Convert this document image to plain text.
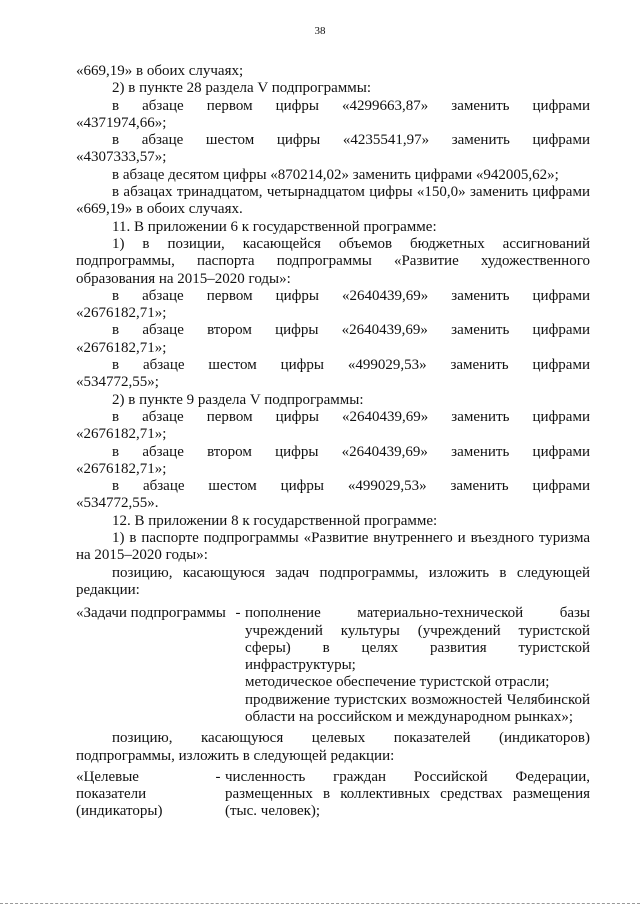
38
«669,19» в обоих случаях;
2) в пункте 28 раздела V подпрограммы:
в абзаце первом цифры «4299663,87» заменить цифрами
«4371974,66»;
в абзаце шестом цифры «4235541,97» заменить цифрами
«4307333,57»;
в абзаце десятом цифры «870214,02» заменить цифрами «942005,62»;
в абзацах тринадцатом, четырнадцатом цифры «150,0» заменить цифрами «669,19» в обоих случаях.
11. В приложении 6 к государственной программе:
1) в позиции, касающейся объемов бюджетных ассигнований подпрограммы, паспорта подпрограммы «Развитие художественного образования на 2015–2020 годы»:
в абзаце первом цифры «2640439,69» заменить цифрами
«2676182,71»;
в абзаце втором цифры «2640439,69» заменить цифрами
«2676182,71»;
в абзаце шестом цифры «499029,53» заменить цифрами
«534772,55»;
2) в пункте 9 раздела V подпрограммы:
в абзаце первом цифры «2640439,69» заменить цифрами
«2676182,71»;
в абзаце втором цифры «2640439,69» заменить цифрами
«2676182,71»;
в абзаце шестом цифры «499029,53» заменить цифрами
«534772,55».
12. В приложении 8 к государственной программе:
1) в паспорте подпрограммы «Развитие внутреннего и въездного туризма на 2015–2020 годы»:
позицию, касающуюся задач подпрограммы, изложить в следующей редакции:
«Задачи подпрограммы - пополнение материально-технической базы учреждений культуры (учреждений туристской сферы) в целях развития туристской инфраструктуры;
методическое обеспечение туристской отрасли;
продвижение туристских возможностей Челябинской области на российском и международном рынках»;
позицию, касающуюся целевых показателей (индикаторов) подпрограммы, изложить в следующей редакции:
«Целевые показатели (индикаторы)
- численность граждан Российской Федерации, размещенных в коллективных средствах размещения (тыс. человек);
